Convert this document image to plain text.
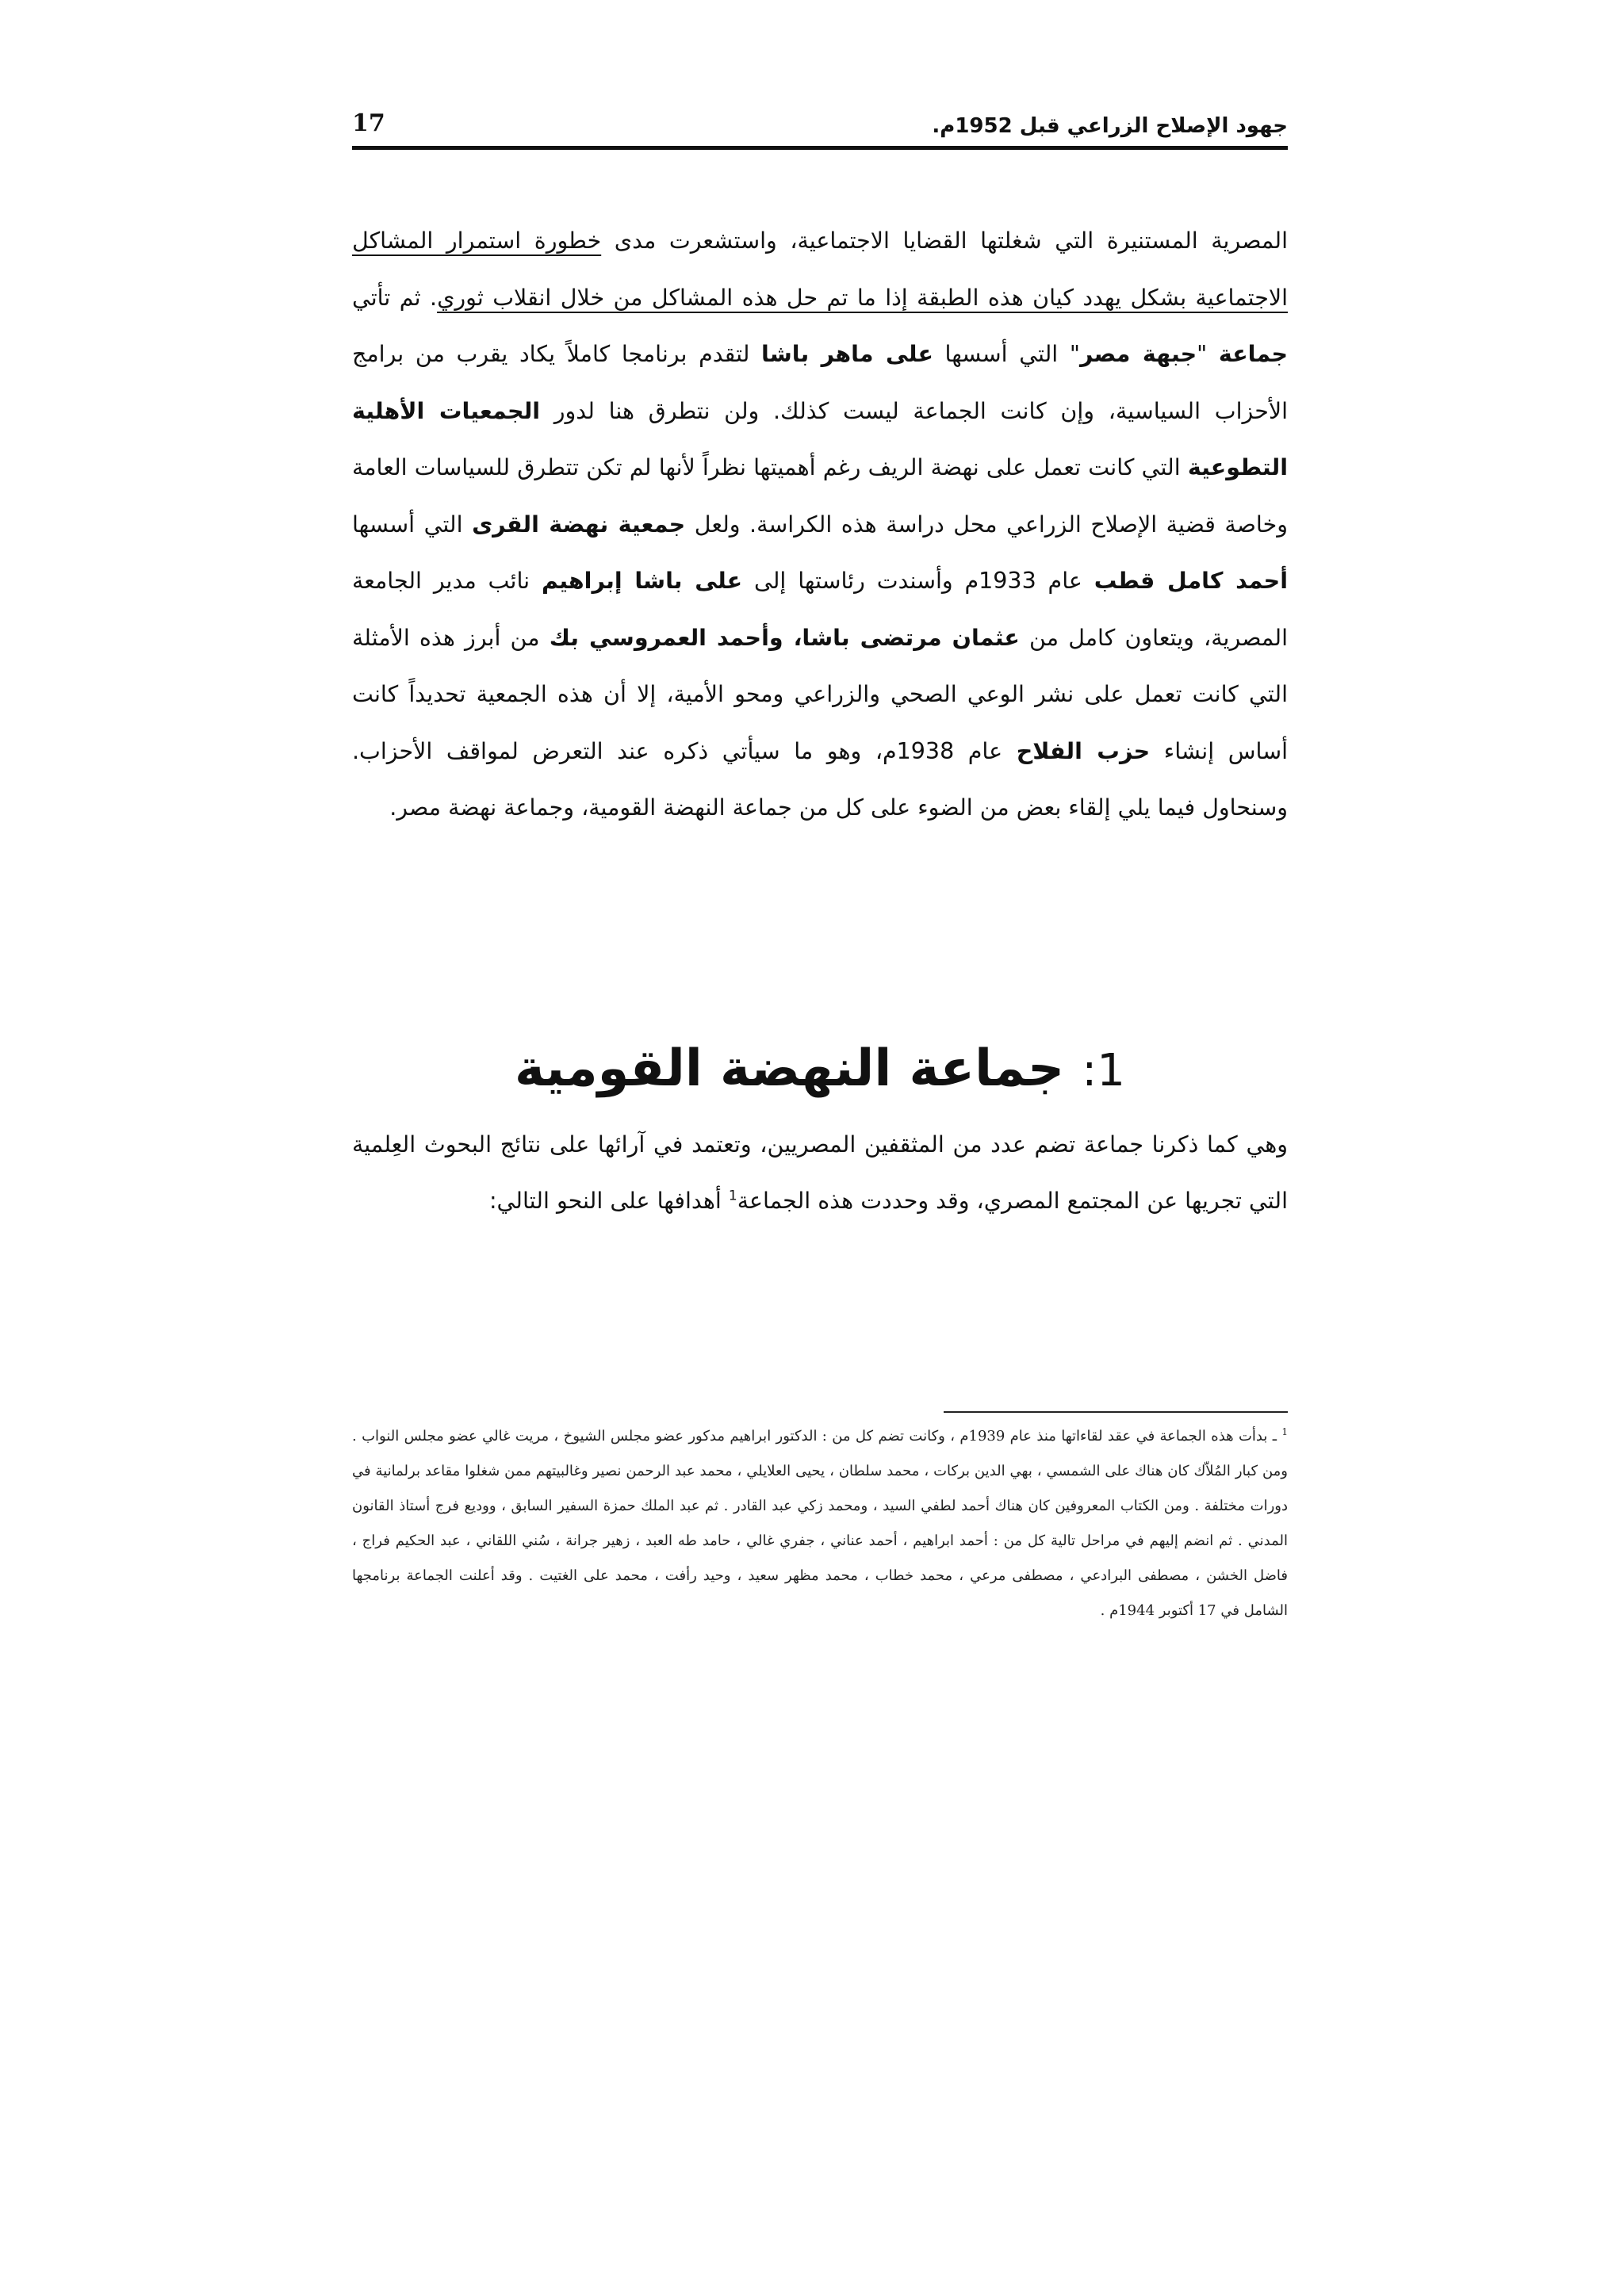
جهود الإصلاح الزراعي قبل 1952م.
17

المصرية المستنيرة التي شغلتها القضايا الاجتماعية، واستشعرت مدى خطورة استمرار المشاكل الاجتماعية بشكل يهدد كيان هذه الطبقة إذا ما تم حل هذه المشاكل من خلال انقلاب ثوري. ثم تأتي جماعة "جبهة مصر" التي أسسها على ماهر باشا لتقدم برنامجا كاملاً يكاد يقرب من برامج الأحزاب السياسية، وإن كانت الجماعة ليست كذلك. ولن نتطرق هنا لدور الجمعيات الأهلية التطوعية التي كانت تعمل على نهضة الريف رغم أهميتها نظراً لأنها لم تكن تتطرق للسياسات العامة وخاصة قضية الإصلاح الزراعي محل دراسة هذه الكراسة. ولعل جمعية نهضة القرى التي أسسها أحمد كامل قطب عام 1933م وأسندت رئاستها إلى على باشا إبراهيم نائب مدير الجامعة المصرية، ويتعاون كامل من عثمان مرتضى باشا، وأحمد العمروسي بك من أبرز هذه الأمثلة التي كانت تعمل على نشر الوعي الصحي والزراعي ومحو الأمية، إلا أن هذه الجمعية تحديداً كانت أساس إنشاء حزب الفلاح عام 1938م، وهو ما سيأتي ذكره عند التعرض لمواقف الأحزاب. وسنحاول فيما يلي إلقاء بعض من الضوء على كل من جماعة النهضة القومية، وجماعة نهضة مصر.

1: جماعة النهضة القومية

وهي كما ذكرنا جماعة تضم عدد من المثقفين المصريين، وتعتمد في آرائها على نتائج البحوث العِلمية التي تجريها عن المجتمع المصري، وقد وحددت هذه الجماعة$^1$ أهدافها على النحو التالي:

$^1$ ـ بدأت هذه الجماعة في عقد لقاءاتها منذ عام 1939م ، وكانت تضم كل من : الدكتور ابراهيم مدكور عضو مجلس الشيوخ ، مريت غالي عضو مجلس النواب . ومن كبار المُلاّك كان هناك على الشمسي ، بهي الدين بركات ، محمد سلطان ، يحيى العلايلي ، محمد عبد الرحمن نصير وغالبيتهم ممن شغلوا مقاعد برلمانية في دورات مختلفة . ومن الكتاب المعروفين كان هناك أحمد لطفي السيد ، ومحمد زكي عبد القادر . ثم عبد الملك حمزة السفير السابق ، ووديع فرج أستاذ القانون المدني . ثم انضم إليهم في مراحل تالية كل من : أحمد ابراهيم ، أحمد عناني ، جفري غالي ، حامد طه العبد ، زهير جرانة ، سُني اللقاني ، عبد الحكيم فراج ، فاضل الخشن ، مصطفى البرادعي ، مصطفى مرعي ، محمد خطاب ، محمد مظهر سعيد ، وحيد رأفت ، محمد على الغتيت . وقد أعلنت الجماعة برنامجها الشامل في 17 أكتوبر 1944م .
